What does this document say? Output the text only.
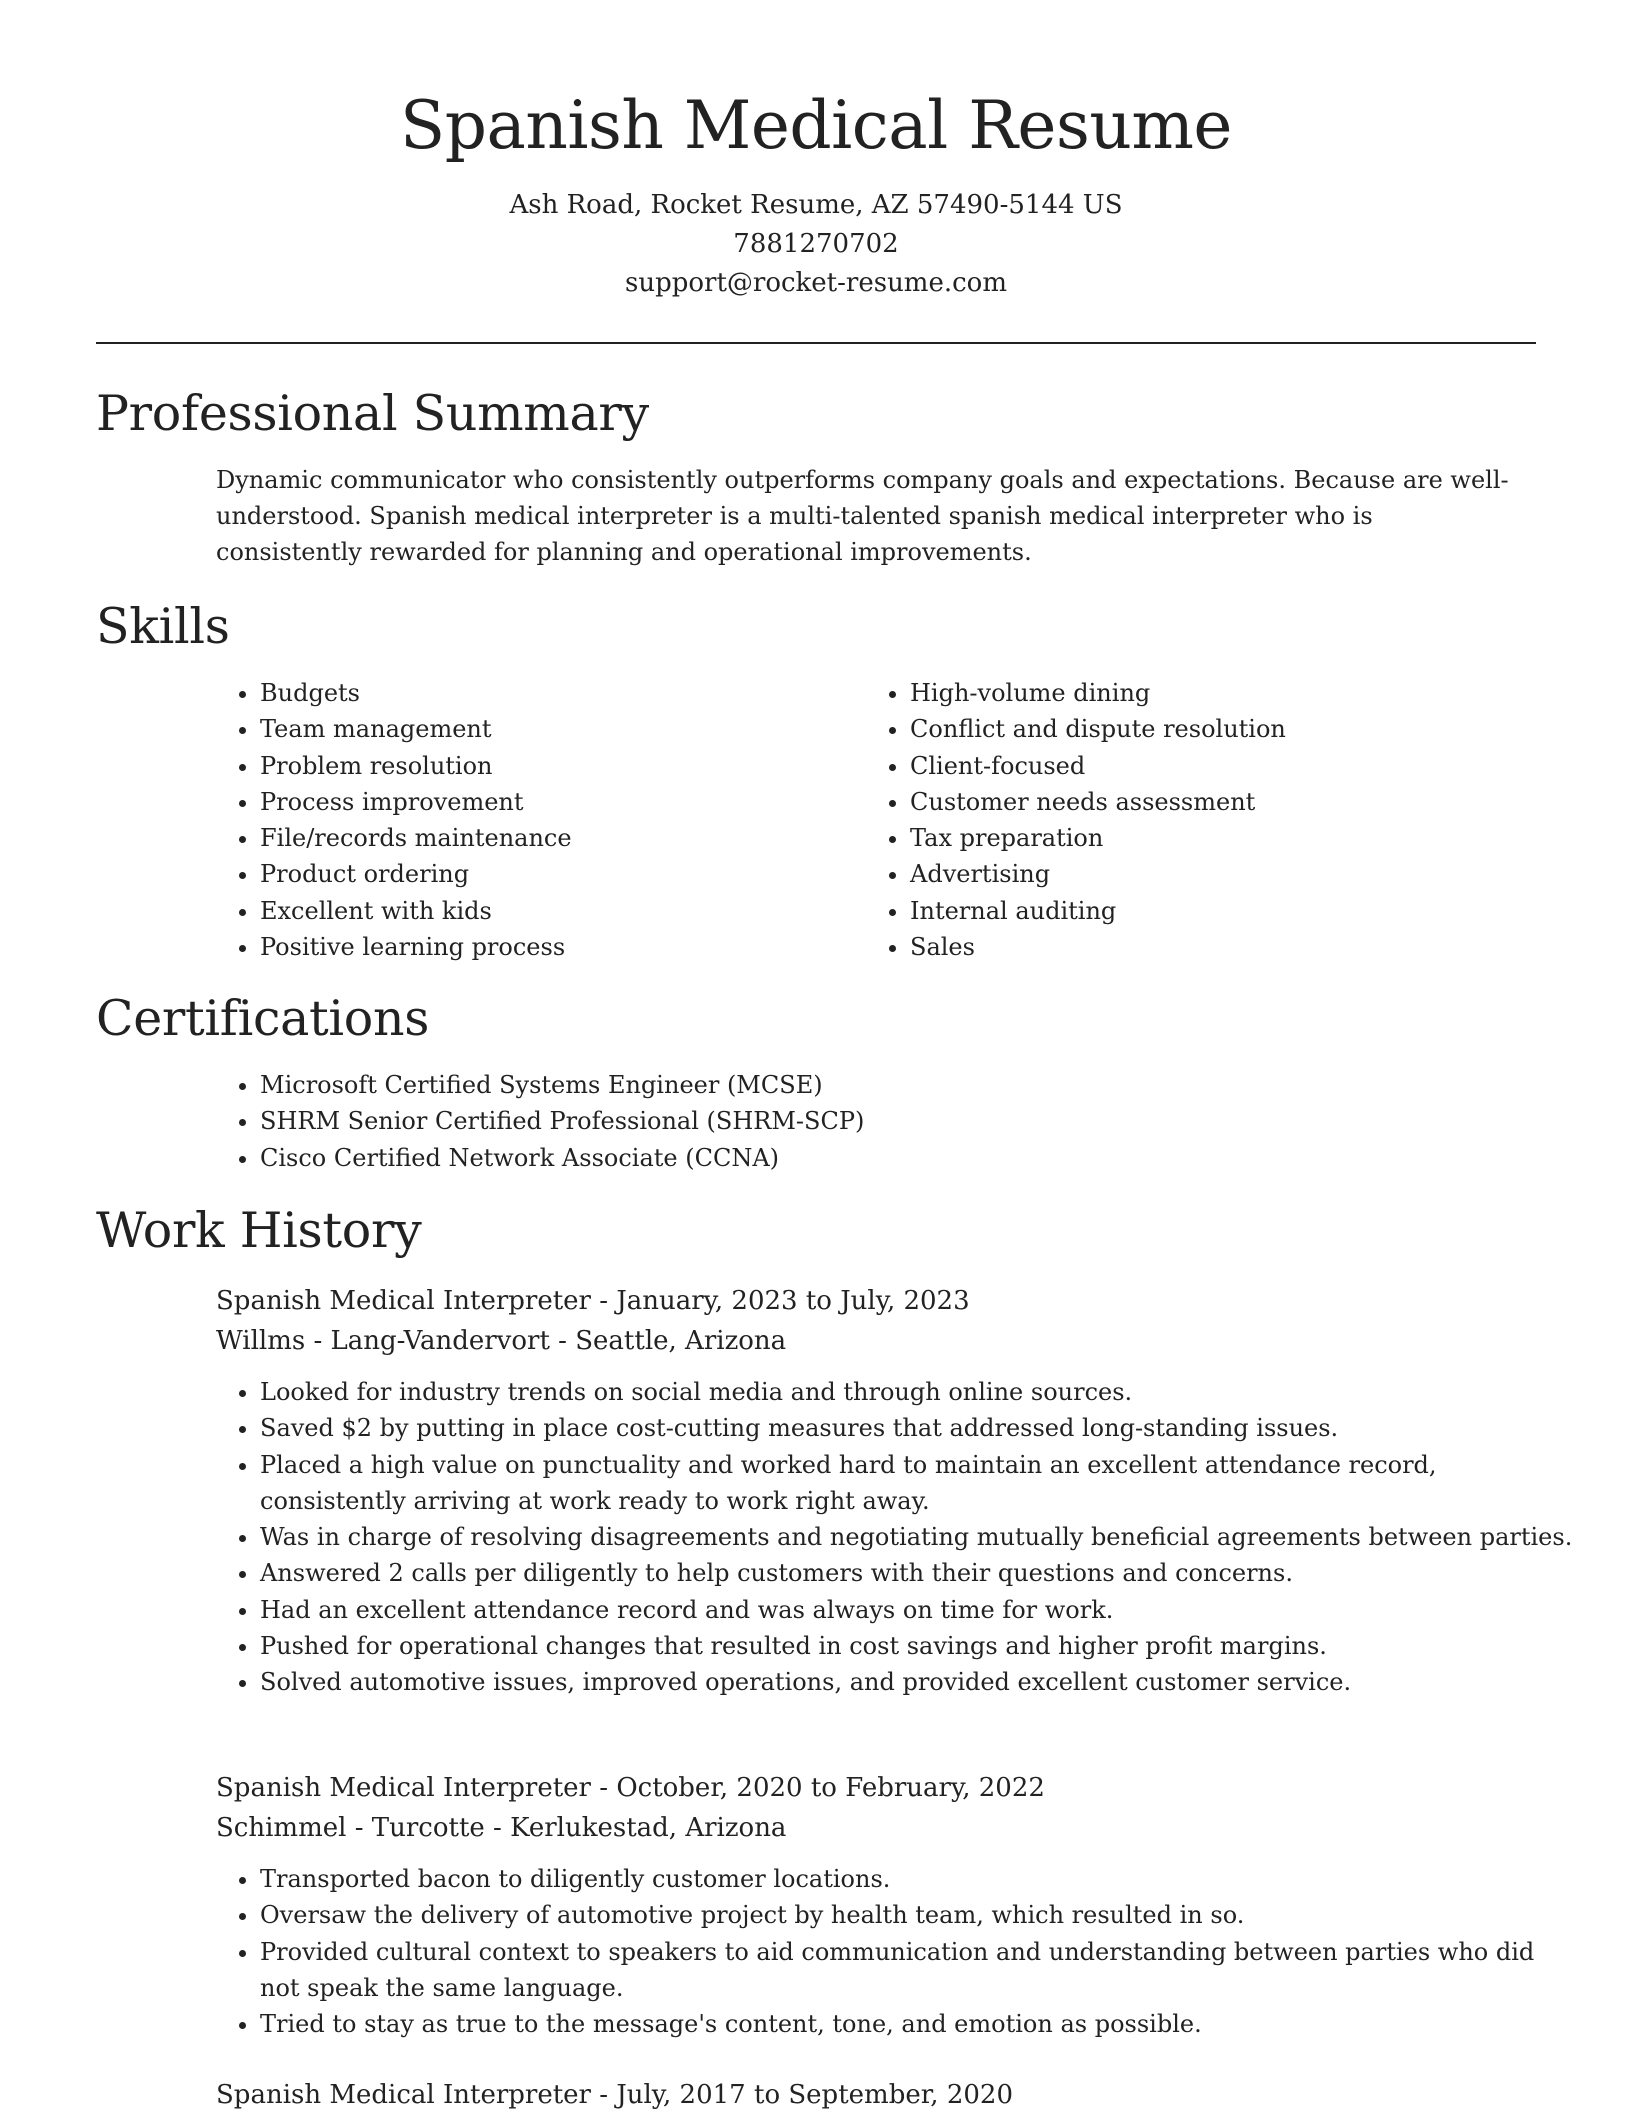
Spanish Medical Resume

Ash Road, Rocket Resume, AZ 57490-5144 US

7881270702

support@rocket-resume.com

Professional Summary

Dynamic communicator who consistently outperforms company goals and expectations. Because are well-understood. Spanish medical interpreter is a multi-talented spanish medical interpreter who is consistently rewarded for planning and operational improvements.

Skills
• Budgets
• Team management
• Problem resolution
• Process improvement
• File/records maintenance
• Product ordering
• Excellent with kids
• Positive learning process
• High-volume dining
• Conflict and dispute resolution
• Client-focused
• Customer needs assessment
• Tax preparation
• Advertising
• Internal auditing
• Sales
Certifications
• Microsoft Certified Systems Engineer (MCSE)
• SHRM Senior Certified Professional (SHRM-SCP)
• Cisco Certified Network Associate (CCNA)
Work History

Spanish Medical Interpreter - January, 2023 to July, 2023

Willms - Lang-Vandervort - Seattle, Arizona

• Looked for industry trends on social media and through online sources.
• Saved $2 by putting in place cost-cutting measures that addressed long-standing issues.
• Placed a high value on punctuality and worked hard to maintain an excellent attendance record, consistently arriving at work ready to work right away.
• Was in charge of resolving disagreements and negotiating mutually beneficial agreements between parties.
• Answered 2 calls per diligently to help customers with their questions and concerns.
• Had an excellent attendance record and was always on time for work.
• Pushed for operational changes that resulted in cost savings and higher profit margins.
• Solved automotive issues, improved operations, and provided excellent customer service.

Spanish Medical Interpreter - October, 2020 to February, 2022

Schimmel - Turcotte - Kerlukestad, Arizona

• Transported bacon to diligently customer locations.
• Oversaw the delivery of automotive project by health team, which resulted in so.
• Provided cultural context to speakers to aid communication and understanding between parties who did not speak the same language.
• Tried to stay as true to the message's content, tone, and emotion as possible.

Spanish Medical Interpreter - July, 2017 to September, 2020
